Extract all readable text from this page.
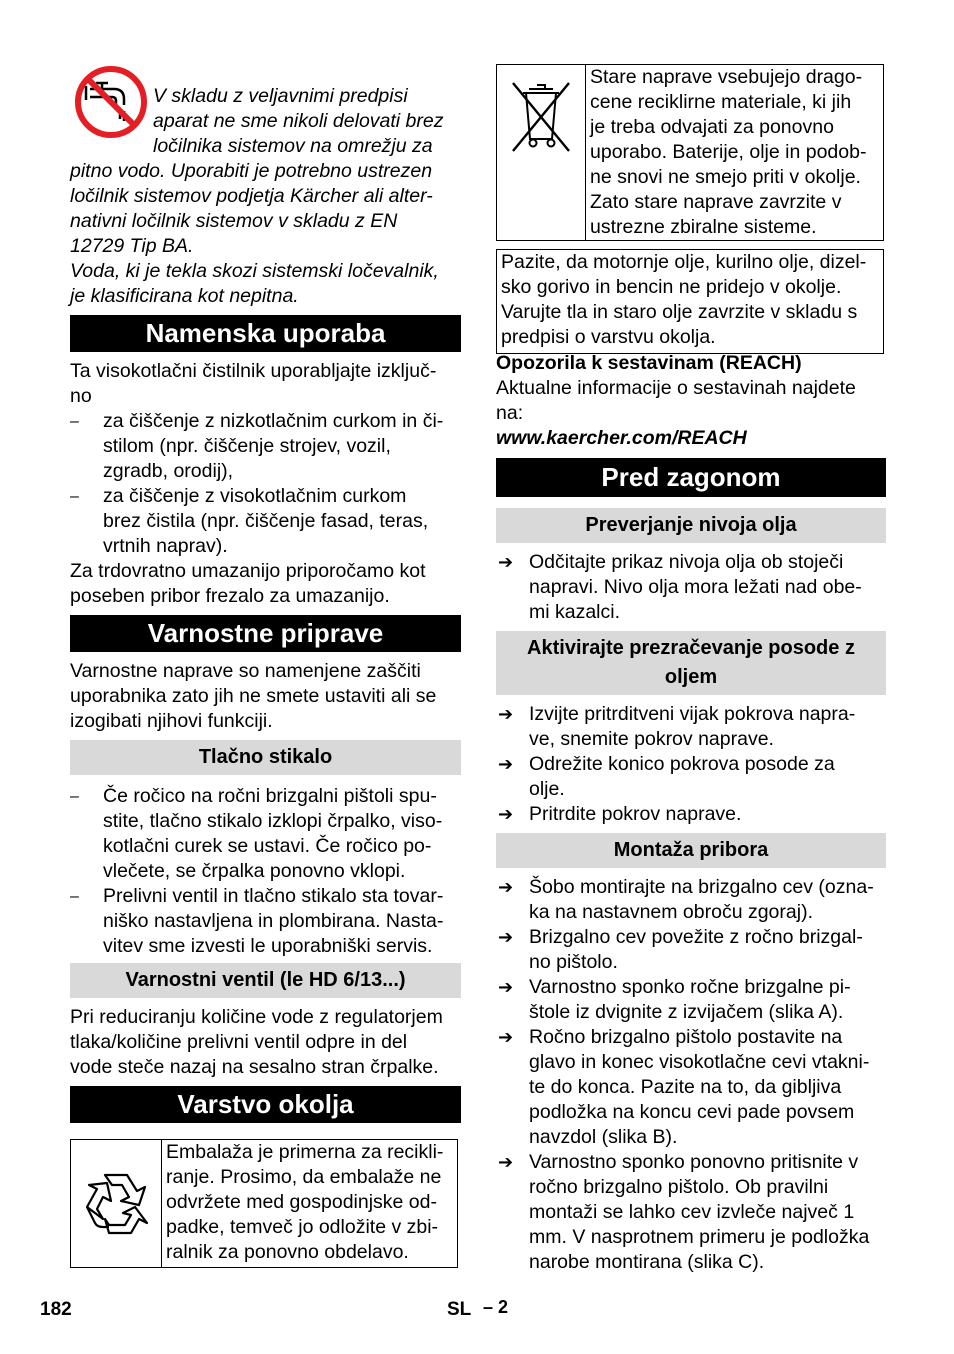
V skladu z veljavnimi predpisi

aparat ne sme nikoli delovati brez

ločilnika sistemov na omrežju za

pitno vodo. Uporabiti je potrebno ustrezen

ločilnik sistemov podjetja Kärcher ali alter-

nativni ločilnik sistemov v skladu z EN

12729 Tip BA.

Voda, ki je tekla skozi sistemski ločevalnik,

je klasificirana kot nepitna.

Namenska uporaba

Ta visokotlačni čistilnik uporabljajte izključ-

no

– za čiščenje z nizkotlačnim curkom in či-

stilom (npr. čiščenje strojev, vozil,

zgradb, orodij),

– za čiščenje z visokotlačnim curkom

brez čistila (npr. čiščenje fasad, teras,

vrtnih naprav).

Za trdovratno umazanijo priporočamo kot

poseben pribor frezalo za umazanijo.

Varnostne priprave

Varnostne naprave so namenjene zaščiti

uporabnika zato jih ne smete ustaviti ali se

izogibati njihovi funkciji.

Tlačno stikalo

– Če ročico na ročni brizgalni pištoli spu-

stite, tlačno stikalo izklopi črpalko, viso-

kotlačni curek se ustavi. Če ročico po-

vlečete, se črpalka ponovno vklopi.

– Prelivni ventil in tlačno stikalo sta tovar-

niško nastavljena in plombirana. Nasta-

vitev sme izvesti le uporabniški servis.

Varnostni ventil (le HD 6/13...)

Pri reduciranju količine vode z regulatorjem

tlaka/količine prelivni ventil odpre in del

vode steče nazaj na sesalno stran črpalke.

Varstvo okolja

Embalaža je primerna za recikli-

ranje. Prosimo, da embalaže ne

odvržete med gospodinjske od-

padke, temveč jo odložite v zbi-

ralnik za ponovno obdelavo.

Stare naprave vsebujejo drago-

cene reciklirne materiale, ki jih

je treba odvajati za ponovno

uporabo. Baterije, olje in podob-

ne snovi ne smejo priti v okolje.

Zato stare naprave zavrzite v

ustrezne zbiralne sisteme.

Pazite, da motornje olje, kurilno olje, dizel-

sko gorivo in bencin ne pridejo v okolje.

Varujte tla in staro olje zavrzite v skladu s

predpisi o varstvu okolja.

Opozorila k sestavinam (REACH)

Aktualne informacije o sestavinah najdete

na:

www.kaercher.com/REACH

Pred zagonom
Preverjanje nivoja olja
➔ Odčitajte prikaz nivoja olja ob stoječi

napravi. Nivo olja mora ležati nad obe-

mi kazalci.

Aktivirajte prezračevanje posode z oljem
➔ Izvijte pritrditveni vijak pokrova napra-

ve, snemite pokrov naprave.

➔ Odrežite konico pokrova posode za

olje.

➔ Pritrdite pokrov naprave.

Montaža pribora
➔ Šobo montirajte na brizgalno cev (ozna-

ka na nastavnem obroču zgoraj).

➔ Brizgalno cev povežite z ročno brizgal-

no pištolo.

➔ Varnostno sponko ročne brizgalne pi-

štole iz dvignite z izvijačem (slika A).

➔ Ročno brizgalno pištolo postavite na

glavo in konec visokotlačne cevi vtakni-

te do konca. Pazite na to, da gibljiva

podložka na koncu cevi pade povsem

navzdol (slika B).

➔ Varnostno sponko ponovno pritisnite v

ročno brizgalno pištolo. Ob pravilni

montaži se lahko cev izvleče največ 1

mm. V nasprotnem primeru je podložka

narobe montirana (slika C).

182	SL – 2
